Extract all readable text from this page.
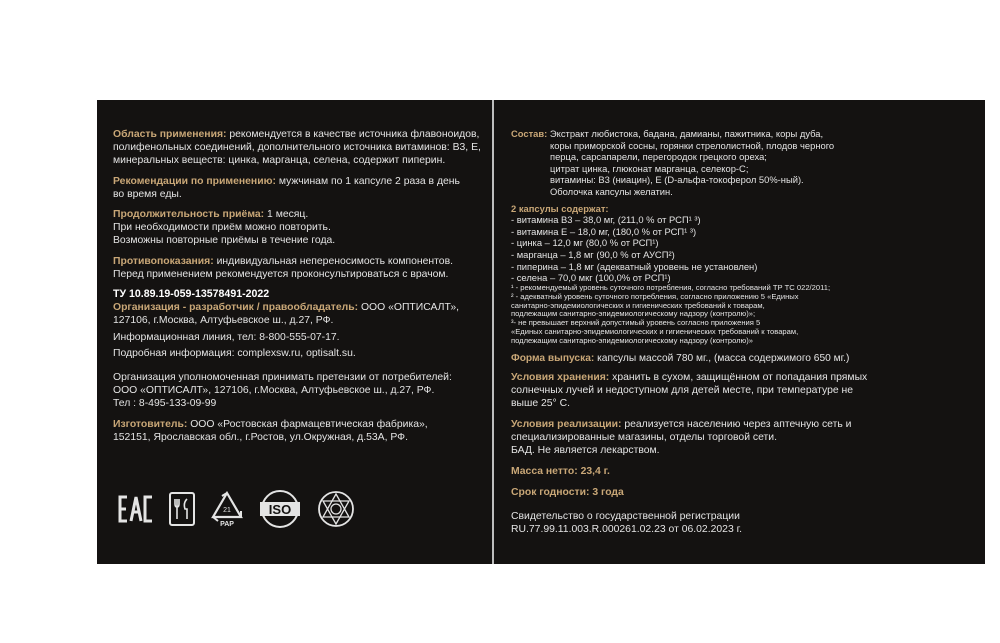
Область применения: рекомендуется в качестве источника флавоноидов,

полифенольных соединений, дополнительного источника витаминов: В3, Е,

минеральных веществ: цинка, марганца, селена, содержит пиперин.

Рекомендации по применению: мужчинам по 1 капсуле 2 раза в день

во время еды.

Продолжительность приёма: 1 месяц.

При необходимости приём можно повторить.

Возможны повторные приёмы в течение года.

Противопоказания: индивидуальная непереносимость компонентов.

Перед применением рекомендуется проконсультироваться с врачом.

ТУ 10.89.19-059-13578491-2022

Организация - разработчик / правообладатель: ООО «ОПТИСАЛТ»,

127106, г.Москва, Алтуфьевское ш., д.27, РФ.

Информационная линия, тел: 8-800-555-07-17.

Подробная информация: complexsw.ru, optisalt.su.

Организация уполномоченная принимать претензии от потребителей:

ООО «ОПТИСАЛТ», 127106, г.Москва, Алтуфьевское ш., д.27, РФ.

Тел : 8-495-133-09-99

Изготовитель: ООО «Ростовская фармацевтическая фабрика»,

152151, Ярославская обл., г.Ростов, ул.Окружная, д.53А, РФ.

21
PAP
ISO

Состав: Экстракт любистока, бадана, дамианы, пажитника, коры дуба,

коры приморской сосны, горянки стрелолистной, плодов черного

перца, сарсапарели, перегородок грецкого ореха;

цитрат цинка, глюконат марганца, селекор-С;

витамины: В3 (ниацин), Е (D-альфа-токоферол 50%-ный).

Оболочка капсулы желатин.

2 капсулы содержат:

- витамина В3 – 38,0 мг, (211,0 % от РСП¹ ³)

- витамина Е – 18,0 мг, (180,0 % от РСП¹ ³)

- цинка – 12,0 мг (80,0 % от РСП¹)

- марганца – 1,8 мг (90,0 % от АУСП²)

- пиперина – 1,8 мг (адекватный уровень не установлен)

- селена – 70,0 мкг (100,0% от РСП¹)

¹ - рекомендуемый уровень суточного потребления, согласно требований ТР ТС 022/2011;

² - адекватный уровень суточного потребления, согласно приложению 5 «Единых

санитарно-эпидемиологических и гигиенических требований к товарам,

подлежащим санитарно-эпидемиологическому надзору (контролю)»;

³- не превышает верхний допустимый уровень согласно приложения 5

«Единых санитарно-эпидемиологических и гигиенических требований к товарам,

подлежащим санитарно-эпидемиологическому надзору (контролю)»

Форма выпуска: капсулы массой 780 мг., (масса содержимого 650 мг.)

Условия хранения: хранить в сухом, защищённом от попадания прямых

солнечных лучей и недоступном для детей месте, при температуре не

выше 25° С.

Условия реализации: реализуется населению через аптечную сеть и

специализированные магазины, отделы торговой сети.

БАД. Не является лекарством.

Масса нетто: 23,4 г.

Срок годности: 3 года

Свидетельство о государственной регистрации

RU.77.99.11.003.R.000261.02.23 от 06.02.2023 г.
